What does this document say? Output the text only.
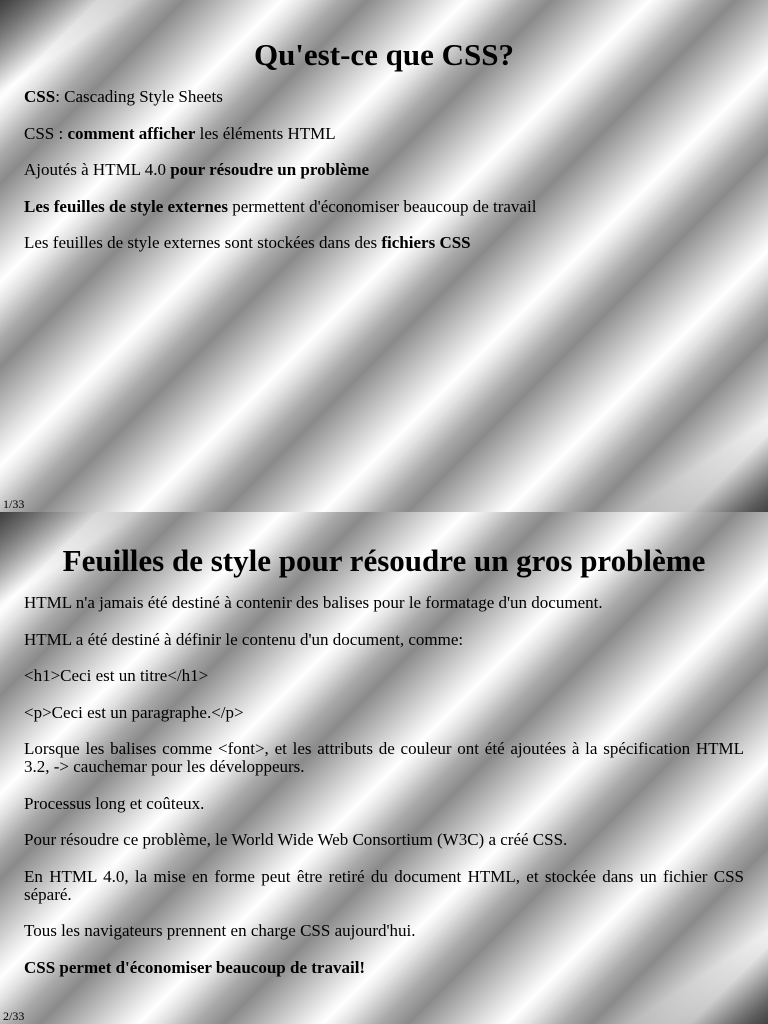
Qu'est-ce que CSS?

CSS: Cascading Style Sheets

CSS : comment afficher les éléments HTML

Ajoutés à HTML 4.0 pour résoudre un problème

Les feuilles de style externes permettent d'économiser beaucoup de travail

Les feuilles de style externes sont stockées dans des fichiers CSS

1/33
Feuilles de style pour résoudre un gros problème

HTML n'a jamais été destiné à contenir des balises pour le formatage d'un document.

HTML a été destiné à définir le contenu d'un document, comme:

<h1>Ceci est un titre</h1>

<p>Ceci est un paragraphe.</p>

Lorsque les balises comme <font>, et les attributs de couleur ont été ajoutées à la spécification HTML 3.2, -> cauchemar pour les développeurs.

Processus long et coûteux.

Pour résoudre ce problème, le World Wide Web Consortium (W3C) a créé CSS.

En HTML 4.0, la mise en forme peut être retiré du document HTML, et stockée dans un fichier CSS séparé.

Tous les navigateurs prennent en charge CSS aujourd'hui.

CSS permet d'économiser beaucoup de travail!

2/33
